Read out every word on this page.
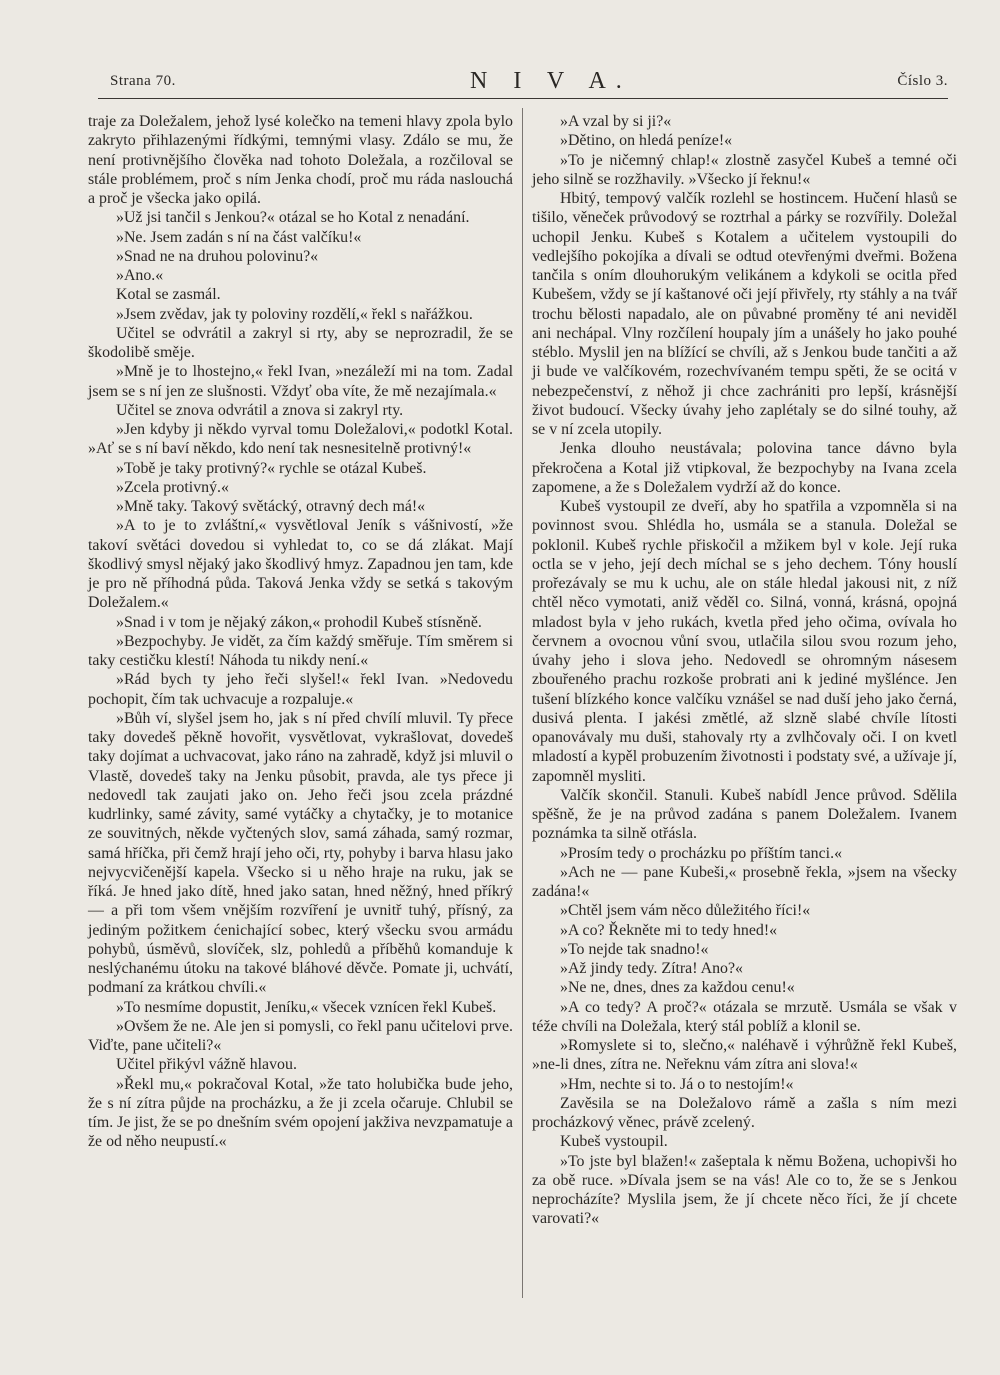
Strana 70.	N I V A.	Číslo 3.

traje za Doležalem, jehož lysé kolečko na temeni hlavy zpola bylo zakryto přihlazenými řídkými, temnými vlasy. Zdálo se mu, že není protivnějšího člověka nad tohoto Doležala, a rozčiloval se stále problémem, proč s ním Jenka chodí, proč mu ráda naslouchá a proč je všecka jako opilá.

»Už jsi tančil s Jenkou?« otázal se ho Kotal z nenadání.

»Ne. Jsem zadán s ní na část valčíku!«

»Snad ne na druhou polovinu?«

»Ano.«

Kotal se zasmál.

»Jsem zvědav, jak ty poloviny rozdělí,« řekl s nařážkou.

Učitel se odvrátil a zakryl si rty, aby se neprozradil, že se škodolibě směje.

»Mně je to lhostejno,« řekl Ivan, »nezáleží mi na tom. Zadal jsem se s ní jen ze slušnosti. Vždyť oba víte, že mě nezajímala.«

Učitel se znova odvrátil a znova si zakryl rty.

»Jen kdyby ji někdo vyrval tomu Doležalovi,« podotkl Kotal. »Ať se s ní baví někdo, kdo není tak nesnesitelně protivný!«

»Tobě je taky protivný?« rychle se otázal Kubeš.

»Zcela protivný.«

»Mně taky. Takový světácký, otravný dech má!«

»A to je to zvláštní,« vysvětloval Jeník s vášnivostí, »že takoví světáci dovedou si vyhledat to, co se dá zlákat. Mají škodlivý smysl nějaký jako škodlivý hmyz. Zapadnou jen tam, kde je pro ně příhodná půda. Taková Jenka vždy se setká s takovým Doležalem.«

»Snad i v tom je nějaký zákon,« prohodil Kubeš stísněně.

»Bezpochyby. Je vidět, za čím každý směřuje. Tím směrem si taky cestičku klestí! Náhoda tu nikdy není.«

»Rád bych ty jeho řeči slyšel!« řekl Ivan. »Nedovedu pochopit, čím tak uchvacuje a rozpaluje.«

»Bůh ví, slyšel jsem ho, jak s ní před chvílí mluvil. Ty přece taky dovedeš pěkně hovořit, vysvětlovat, vykrašlovat, dovedeš taky dojímat a uchvacovat, jako ráno na zahradě, když jsi mluvil o Vlastě, dovedeš taky na Jenku působit, pravda, ale tys přece ji nedovedl tak zaujati jako on. Jeho řeči jsou zcela prázdné kudrlinky, samé závity, samé vytáčky a chytačky, je to motanice ze souvitných, někde vyčtených slov, samá záhada, samý rozmar, samá hříčka, při čemž hrají jeho oči, rty, pohyby i barva hlasu jako nejvycvičenější kapela. Všecko si u něho hraje na ruku, jak se říká. Je hned jako dítě, hned jako satan, hned něžný, hned příkrý — a při tom všem vnějším rozvíření je uvnitř tuhý, přísný, za jediným požitkem ćenichající sobec, který všecku svou armádu pohybů, úsměvů, slovíček, slz, pohledů a příběhů komanduje k neslýchanému útoku na takové bláhové děvče. Pomate ji, uchvátí, podmaní za krátkou chvíli.«

»To nesmíme dopustit, Jeníku,« všecek vznícen řekl Kubeš.

»Ovšem že ne. Ale jen si pomysli, co řekl panu učitelovi prve. Viďte, pane učiteli?«

Učitel přikývl vážně hlavou.

»Řekl mu,« pokračoval Kotal, »že tato holubička bude jeho, že s ní zítra půjde na procházku, a že ji zcela očaruje. Chlubil se tím. Je jist, že se po dnešním svém opojení jakživa nevzpamatuje a že od něho neupustí.«

»A vzal by si ji?«

»Dětino, on hledá peníze!«

»To je ničemný chlap!« zlostně zasyčel Kubeš a temné oči jeho silně se rozžhavily. »Všecko jí řeknu!«

Hbitý, tempový valčík rozlehl se hostincem. Hučení hlasů se tišilo, věneček průvodový se roztrhal a párky se rozvířily. Doležal uchopil Jenku. Kubeš s Kotalem a učitelem vystoupili do vedlejšího pokojíka a dívali se odtud otevřenými dveřmi. Božena tančila s oním dlouhorukým velikánem a kdykoli se ocitla před Kubešem, vždy se jí kaštanové oči její přivřely, rty stáhly a na tvář trochu bělosti napadalo, ale on půvabné proměny té ani neviděl ani nechápal. Vlny rozčílení houpaly jím a unášely ho jako pouhé stéblo. Myslil jen na blížící se chvíli, až s Jenkou bude tančiti a až ji bude ve valčíkovém, rozechvívaném tempu spěti, že se ocitá v nebezpečenství, z něhož ji chce zachrániti pro lepší, krásnější život budoucí. Všecky úvahy jeho zaplétaly se do silné touhy, až se v ní zcela utopily.

Jenka dlouho neustávala; polovina tance dávno byla překročena a Kotal již vtipkoval, že bezpochyby na Ivana zcela zapomene, a že s Doležalem vydrží až do konce.

Kubeš vystoupil ze dveří, aby ho spatřila a vzpomněla si na povinnost svou. Shlédla ho, usmála se a stanula. Doležal se poklonil. Kubeš rychle přiskočil a mžikem byl v kole. Její ruka octla se v jeho, její dech míchal se s jeho dechem. Tóny houslí prořezávaly se mu k uchu, ale on stále hledal jakousi nit, z níž chtěl něco vymotati, aniž věděl co. Silná, vonná, krásná, opojná mladost byla v jeho rukách, kvetla před jeho očima, ovívala ho červnem a ovocnou vůní svou, utlačila silou svou rozum jeho, úvahy jeho i slova jeho. Nedovedl se ohromným násesem zbouřeného prachu rozkoše probrati ani k jediné myšlénce. Jen tušení blízkého konce valčíku vznášel se nad duší jeho jako černá, dusivá plenta. I jakési změtlé, až slzně slabé chvíle lítosti opanovávaly mu duši, stahovaly rty a zvlhčovaly oči. I on kvetl mladostí a kypěl probuzením životnosti i podstaty své, a užívaje jí, zapomněl mysliti.

Valčík skončil. Stanuli. Kubeš nabídl Jence průvod. Sdělila spěšně, že je na průvod zadána s panem Doležalem. Ivanem poznámka ta silně otřásla.

»Prosím tedy o procházku po příštím tanci.«

»Ach ne — pane Kubeši,« prosebně řekla, »jsem na všecky zadána!«

»Chtěl jsem vám něco důležitého říci!«

»A co? Řekněte mi to tedy hned!«

»To nejde tak snadno!«

»Až jindy tedy. Zítra! Ano?«

»Ne ne, dnes, dnes za každou cenu!«

»A co tedy? A proč?« otázala se mrzutě. Usmála se však v téže chvíli na Doležala, který stál poblíž a klonil se.

»Romyslete si to, slečno,« naléhavě i výhrůžně řekl Kubeš, »ne-li dnes, zítra ne. Neřeknu vám zítra ani slova!«

»Hm, nechte si to. Já o to nestojím!«

Zavěsila se na Doležalovo rámě a zašla s ním mezi procházkový věnec, právě zcelený.

Kubeš vystoupil.

»To jste byl blažen!« zašeptala k němu Božena, uchopivši ho za obě ruce. »Dívala jsem se na vás! Ale co to, že se s Jenkou neprocházíte? Myslila jsem, že jí chcete něco říci, že jí chcete varovati?«
